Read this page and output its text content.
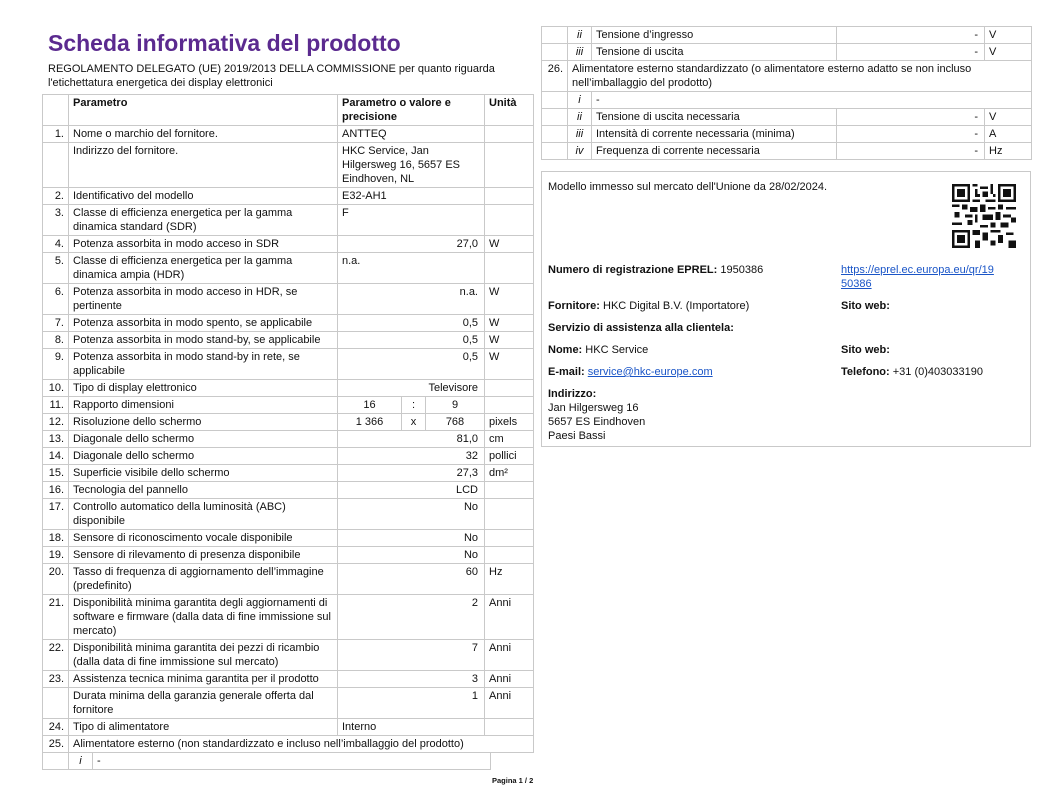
Scheda informativa del prodotto
REGOLAMENTO DELEGATO (UE) 2019/2013 DELLA COMMISSIONE per quanto riguarda l'etichettatura energetica dei display elettronici
	Parametro	Parametro o valore e precisione			Unità
1.	Nome o marchio del fornitore.	ANTTEQ			
	Indirizzo del fornitore.	HKC Service, Jan Hilgersweg 16, 5657 ES Eindhoven, NL			
2.	Identificativo del modello	E32-AH1			
3.	Classe di efficienza energetica per la gamma dinamica standard (SDR)	F			
4.	Potenza assorbita in modo acceso in SDR	27,0			W
5.	Classe di efficienza energetica per la gamma dinamica ampia (HDR)	n.a.			
6.	Potenza assorbita in modo acceso in HDR, se pertinente	n.a.			W
7.	Potenza assorbita in modo spento, se applicabile	0,5			W
8.	Potenza assorbita in modo stand-by, se applicabile	0,5			W
9.	Potenza assorbita in modo stand-by in rete, se applicabile	0,5			W
10.	Tipo di display elettronico	Televisore			
11.	Rapporto dimensioni	16	:	9	
12.	Risoluzione dello schermo	1 366	x	768	pixels
13.	Diagonale dello schermo	81,0			cm
14.	Diagonale dello schermo	32			pollici
15.	Superficie visibile dello schermo	27,3			dm²
16.	Tecnologia del pannello	LCD			
17.	Controllo automatico della luminosità (ABC) disponibile	No			
18.	Sensore di riconoscimento vocale disponibile	No			
19.	Sensore di rilevamento di presenza disponibile	No			
20.	Tasso di frequenza di aggiornamento dell’immagine (predefinito)	60			Hz
21.	Disponibilità minima garantita degli aggiornamenti di software e firmware (dalla data di fine immissione sul mercato)	2			Anni
22.	Disponibilità minima garantita dei pezzi di ricambio (dalla data di fine immissione sul mercato)	7			Anni
23.	Assistenza tecnica minima garantita per il prodotto	3			Anni
	Durata minima della garanzia generale offerta dal fornitore	1			Anni
24.	Tipo di alimentatore	Interno			
25.	Alimentatore esterno (non standardizzato e incluso nell’imballaggio del prodotto)				
	i	-
Pagina 1 / 2
	ii	Tensione d’ingresso	-	V
	iii	Tensione di uscita	-	V
26.	Alimentatore esterno standardizzato (o alimentatore esterno adatto se non incluso nell’imballaggio del prodotto)			
	i	-		
	ii	Tensione di uscita necessaria	-	V
	iii	Intensità di corrente necessaria (minima)	-	A
	iv	Frequenza di corrente necessaria	-	Hz
Modello immesso sul mercato dell'Unione da 28/02/2024.
Numero di registrazione EPREL: 1950386	https://eprel.ec.europa.eu/qr/19
50386
Fornitore: HKC Digital B.V. (Importatore)	Sito web:
Servizio di assistenza alla clientela:
Nome: HKC Service	Sito web:
E-mail: service@hkc-europe.com	Telefono: +31 (0)403033190
Indirizzo:
Jan Hilgersweg 16
5657 ES Eindhoven
Paesi Bassi
